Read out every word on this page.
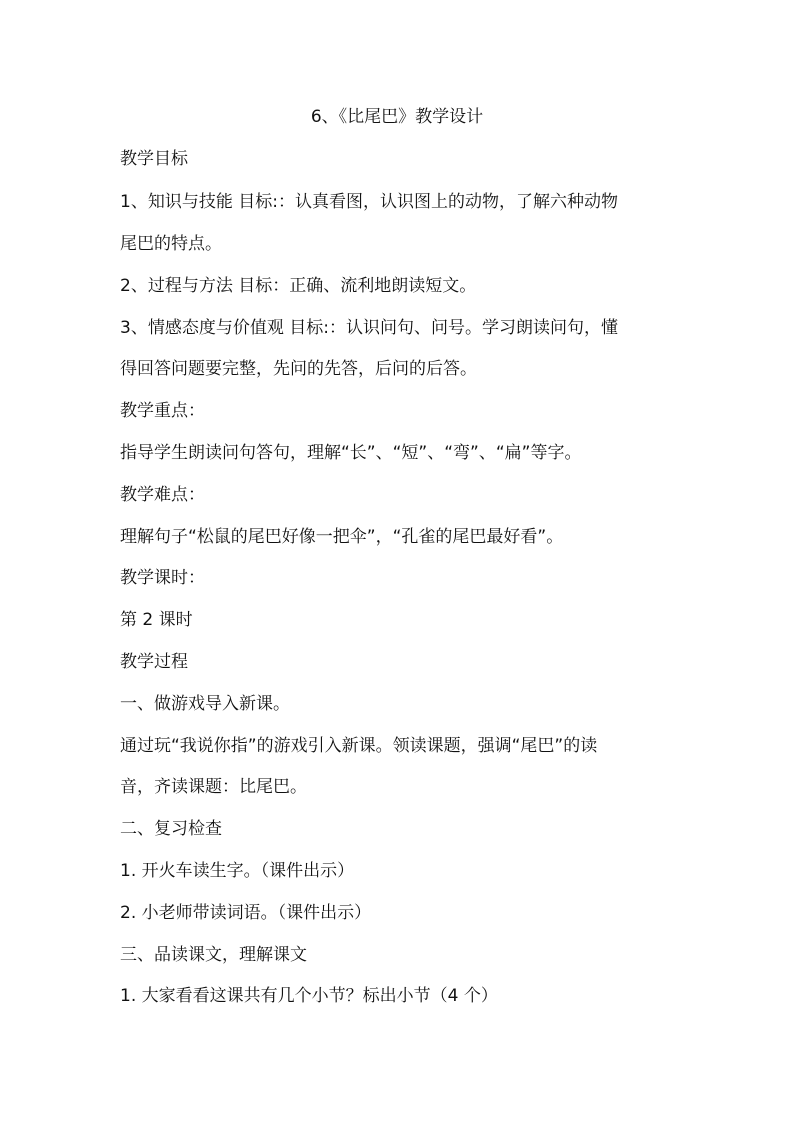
6、《比尾巴》教学设计
教学目标
1、知识与技能 目标:：认真看图，认识图上的动物，了解六种动物
尾巴的特点。
2、过程与方法 目标：正确、流利地朗读短文。
3、情感态度与价值观 目标:：认识问句、问号。学习朗读问句，懂
得回答问题要完整，先问的先答，后问的后答。
教学重点：
指导学生朗读问句答句，理解“长”、“短”、“弯”、“扁”等字。
教学难点：
理解句子“松鼠的尾巴好像一把伞”，“孔雀的尾巴最好看”。
教学课时：
第 2 课时
教学过程
一、做游戏导入新课。
通过玩“我说你指”的游戏引入新课。领读课题，强调“尾巴”的读
音，齐读课题：比尾巴。
二、复习检查
1. 开火车读生字。（课件出示）
2. 小老师带读词语。（课件出示）
三、品读课文，理解课文
1. 大家看看这课共有几个小节？标出小节（4 个）
